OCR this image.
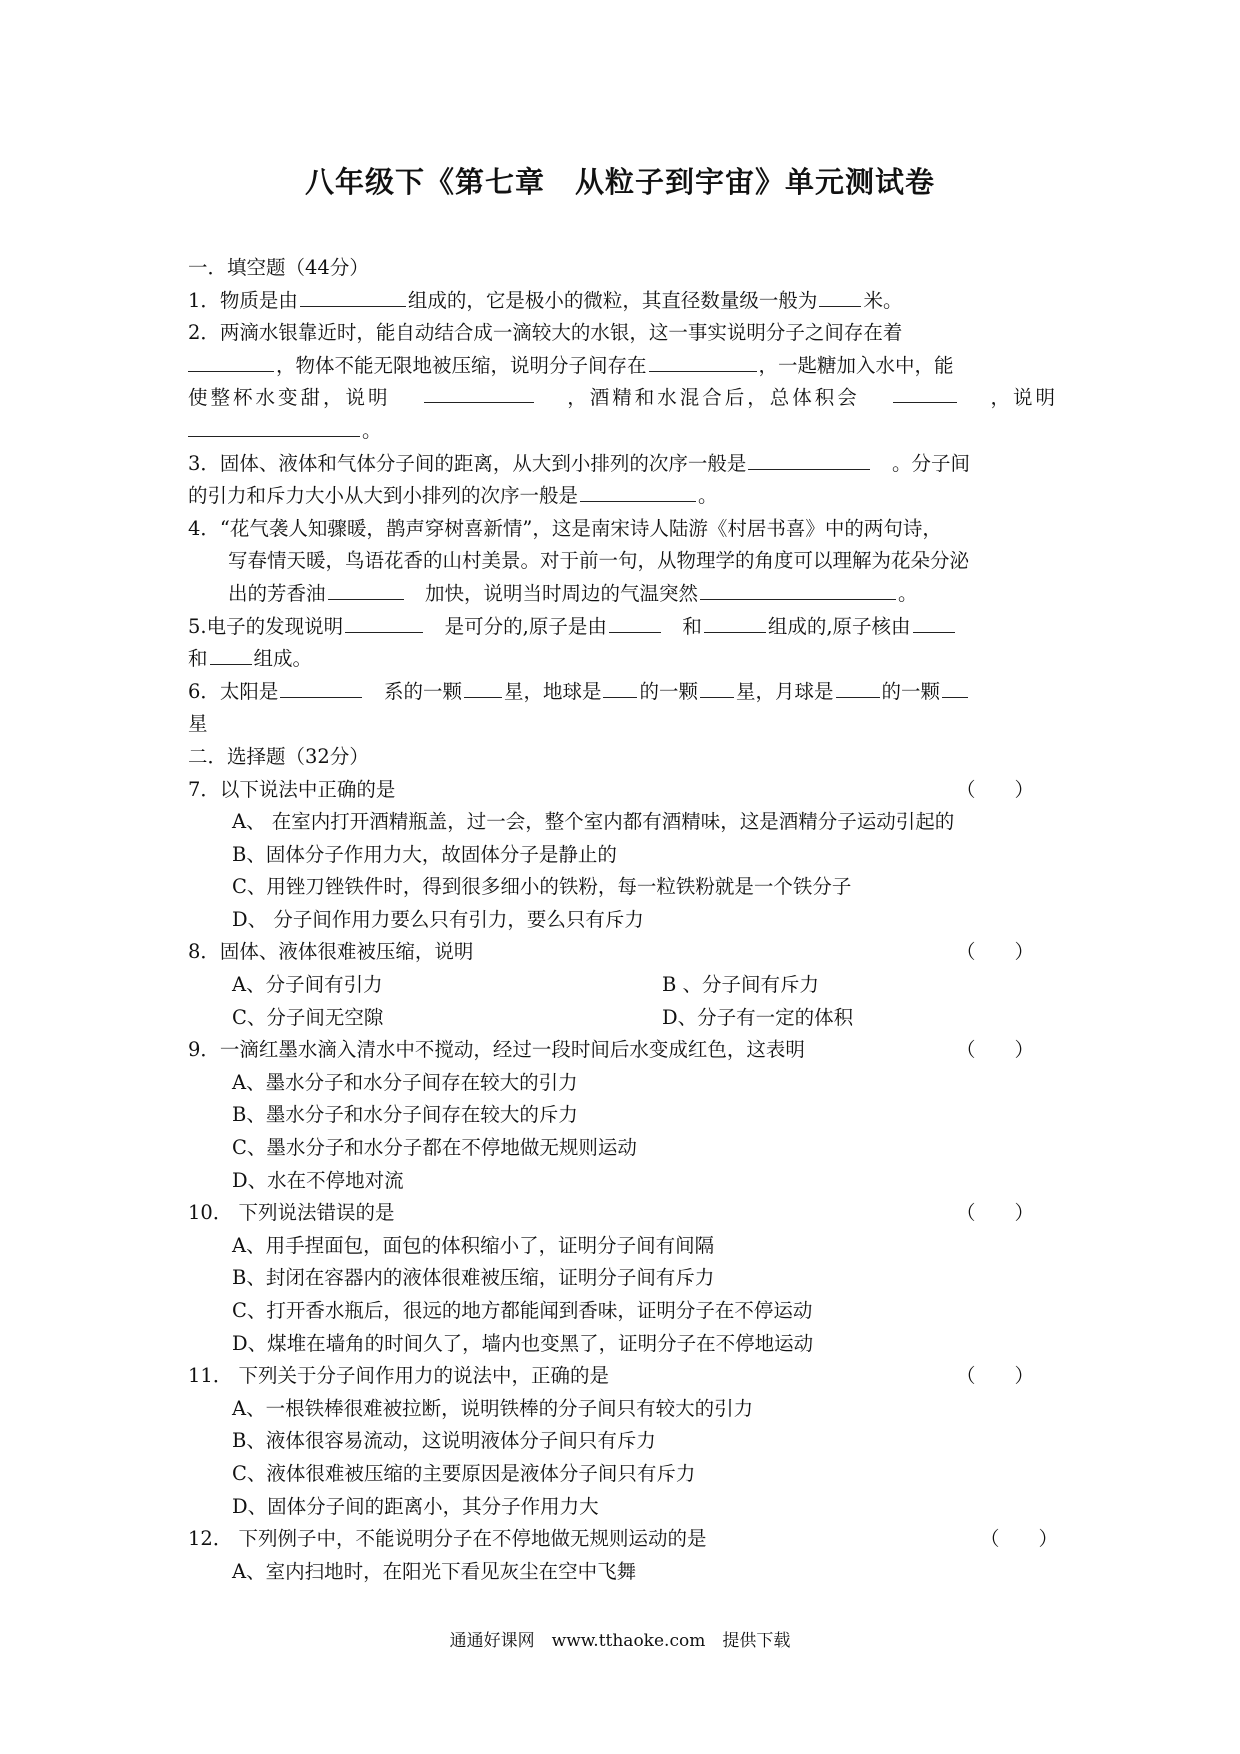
八年级下《第七章　从粒子到宇宙》单元测试卷
一．填空题（44分）
1．物质是由	组成的，它是极小的微粒，其直径数量级一般为 米。
2．两滴水银靠近时，能自动结合成一滴较大的水银，这一事实说明分子之间存在着
，物体不能无限地被压缩，说明分子间存在	，一匙糖加入水中，能
使整杯水变甜，说明	，酒精和水混合后，总体积会	，说明
。
3．固体、液体和气体分子间的距离，从大到小排列的次序一般是　	。分子间
的引力和斥力大小从大到小排列的次序一般是	。
4．“花气袭人知骤暖，鹊声穿树喜新情”，这是南宋诗人陆游《村居书喜》中的两句诗，
写春情天暖，鸟语花香的山村美景。对于前一句，从物理学的角度可以理解为花朵分泌
出的芳香油　	加快，说明当时周边的气温突然	。
5.电子的发现说明　	是可分的,原子是由　	和	组成的,原子核由
和 组成。
6．太阳是　	系的一颗 星，地球是 的一颗 星，月球是 的一颗
星
二．选择题（32分）
7．以下说法中正确的是	（　　）
A、 在室内打开酒精瓶盖，过一会，整个室内都有酒精味，这是酒精分子运动引起的
B、固体分子作用力大，故固体分子是静止的
C、用锉刀锉铁件时，得到很多细小的铁粉，每一粒铁粉就是一个铁分子
D、 分子间作用力要么只有引力，要么只有斥力
8．固体、液体很难被压缩，说明	（　　）
A、分子间有引力	B 、分子间有斥力
C、分子间无空隙	D、分子有一定的体积
9．一滴红墨水滴入清水中不搅动，经过一段时间后水变成红色，这表明	（　　）
A、墨水分子和水分子间存在较大的引力
B、墨水分子和水分子间存在较大的斥力
C、墨水分子和水分子都在不停地做无规则运动
D、水在不停地对流
10． 下列说法错误的是	（　　）
A、用手捏面包，面包的体积缩小了，证明分子间有间隔
B、封闭在容器内的液体很难被压缩，证明分子间有斥力
C、打开香水瓶后，很远的地方都能闻到香味，证明分子在不停运动
D、煤堆在墙角的时间久了，墙内也变黑了，证明分子在不停地运动
11． 下列关于分子间作用力的说法中，正确的是	（　　）
A、一根铁棒很难被拉断，说明铁棒的分子间只有较大的引力
B、液体很容易流动，这说明液体分子间只有斥力
C、液体很难被压缩的主要原因是液体分子间只有斥力
D、固体分子间的距离小，其分子作用力大
12． 下列例子中，不能说明分子在不停地做无规则运动的是	（　　）
A、室内扫地时，在阳光下看见灰尘在空中飞舞
通通好课网　www.tthaoke.com　提供下载
